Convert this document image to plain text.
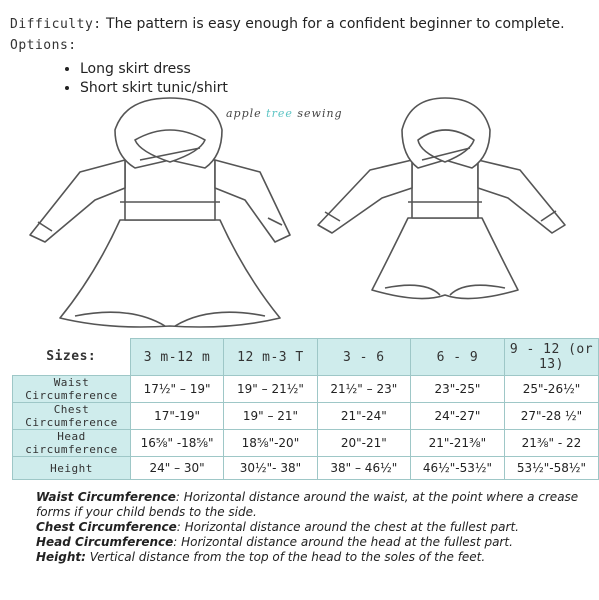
Difficulty: The pattern is easy enough for a confident beginner to complete.
Options:
• Long skirt dress
• Short skirt tunic/shirt
apple tree sewing
Sizes:	3 m-12 m	12 m-3 T	3 - 6	6 - 9	9 - 12 (or 13)
Waist Circumference	17½" – 19"	19" – 21½"	21½" – 23"	23"-25"	25"-26½"
Chest Circumference	17"-19"	19" – 21"	21"-24"	24"-27"	27"-28 ½"
Head circumference	16⅝" -18⅝"	18⅝"-20"	20"-21"	21"-21⅜"	21⅜" - 22
Height	24" – 30"	30½"- 38"	38" – 46½"	46½"-53½"	53½"-58½"
Waist Circumference: Horizontal distance around the waist, at the point where a crease forms if your child bends to the side.
Chest Circumference: Horizontal distance around the chest at the fullest part.
Head Circumference: Horizontal distance around the head at the fullest part.
Height: Vertical distance from the top of the head to the soles of the feet.
